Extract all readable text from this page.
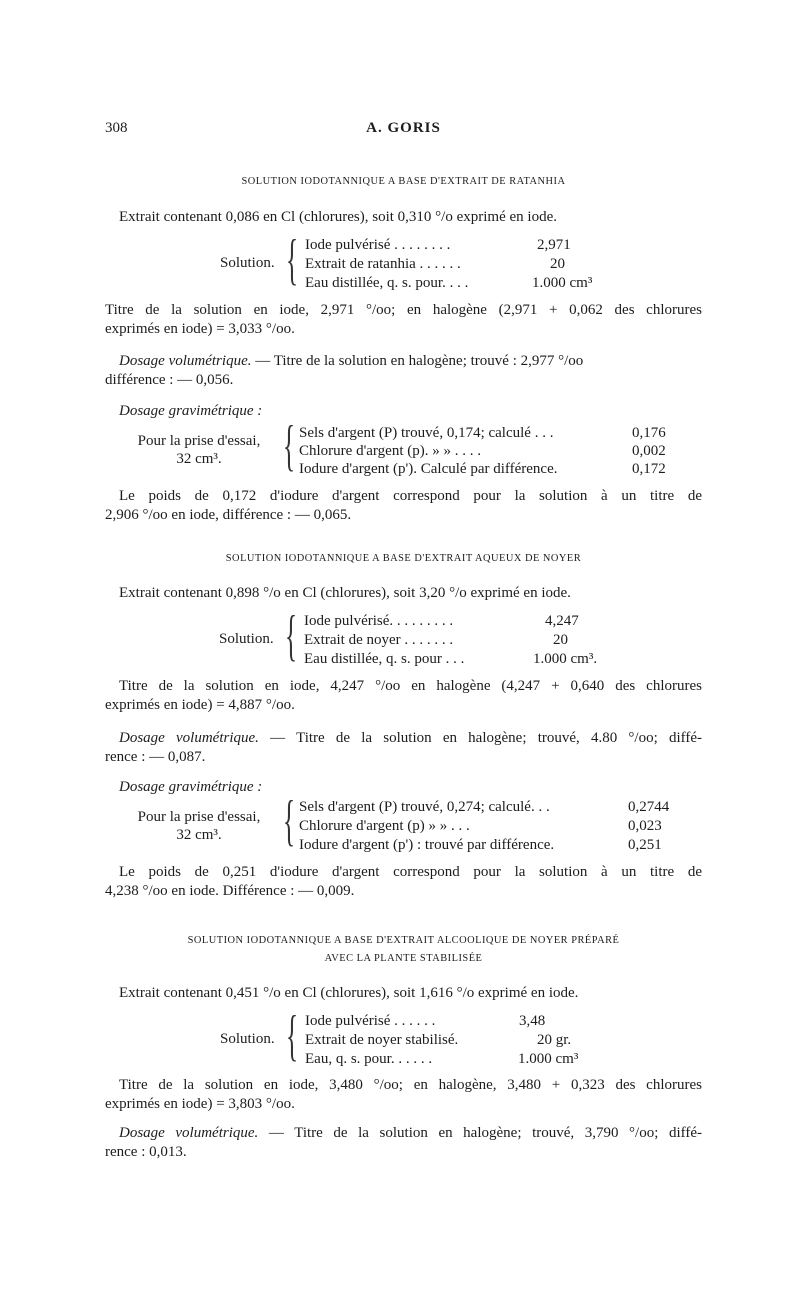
308	A. GORIS
SOLUTION IODOTANNIQUE A BASE D'EXTRAIT DE RATANHIA
Extrait contenant 0,086 en Cl (chlorures), soit 0,310 °/o exprimé en iode.
Solution. { Iode pulvérisé . . . . . . . .	2,971
Extrait de ratanhia . . . . . .	20
Eau distillée, q. s. pour. . . .	1.000 cm³
Titre de la solution en iode, 2,971 °/oo; en halogène (2,971 + 0,062 des chlorures
exprimés en iode) = 3,033 °/oo.
Dosage volumétrique. — Titre de la solution en halogène; trouvé : 2,977 °/oo
différence : — 0,056.
Dosage gravimétrique :
Pour la prise d'essai,
32 cm³.	{ Sels d'argent (P) trouvé, 0,174; calculé . . .	0,176
Chlorure d'argent (p). » » . . . .	0,002
Iodure d'argent (p'). Calculé par différence.	0,172
Le poids de 0,172 d'iodure d'argent correspond pour la solution à un titre de
2,906 °/oo en iode, différence : — 0,065.
SOLUTION IODOTANNIQUE A BASE D'EXTRAIT AQUEUX DE NOYER
Extrait contenant 0,898 °/o en Cl (chlorures), soit 3,20 °/o exprimé en iode.
Solution. { Iode pulvérisé. . . . . . . . .	4,247
Extrait de noyer . . . . . . .	20
Eau distillée, q. s. pour . . .	1.000 cm³.
Titre de la solution en iode, 4,247 °/oo en halogène (4,247 + 0,640 des chlorures
exprimés en iode) = 4,887 °/oo.
Dosage volumétrique. — Titre de la solution en halogène; trouvé, 4.80 °/oo; diffé-
rence : — 0,087.
Dosage gravimétrique :
Pour la prise d'essai,
32 cm³.	{ Sels d'argent (P) trouvé, 0,274; calculé. . .	0,2744
Chlorure d'argent (p) » » . . .	0,023
Iodure d'argent (p') : trouvé par différence.	0,251
Le poids de 0,251 d'iodure d'argent correspond pour la solution à un titre de
4,238 °/oo en iode. Différence : — 0,009.
SOLUTION IODOTANNIQUE A BASE D'EXTRAIT ALCOOLIQUE DE NOYER PRÉPARÉ
AVEC LA PLANTE STABILISÉE
Extrait contenant 0,451 °/o en Cl (chlorures), soit 1,616 °/o exprimé en iode.
Solution. { Iode pulvérisé . . . . . .	3,48
Extrait de noyer stabilisé.	20 gr.
Eau, q. s. pour. . . . . .	1.000 cm³
Titre de la solution en iode, 3,480 °/oo; en halogène, 3,480 + 0,323 des chlorures
exprimés en iode) = 3,803 °/oo.
Dosage volumétrique. — Titre de la solution en halogène; trouvé, 3,790 °/oo; diffé-
rence : 0,013.
